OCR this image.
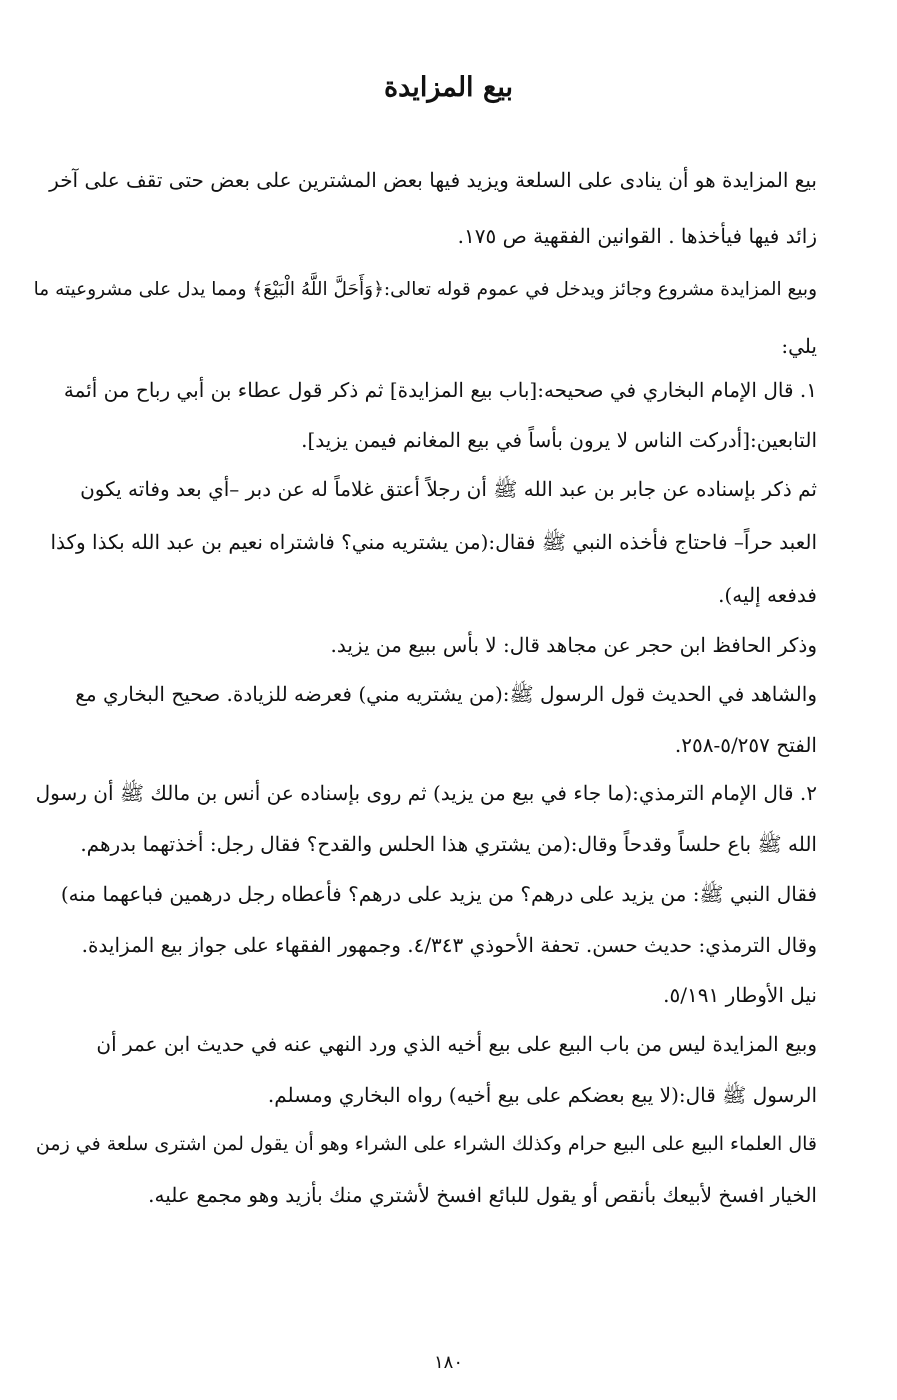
بيع المزايدة
بيع المزايدة هو أن ينادى على السلعة ويزيد فيها بعض المشترين على بعض حتى تقف على آخر
زائد فيها فيأخذها . القوانين الفقهية ص ١٧٥.
وبيع المزايدة مشروع وجائز ويدخل في عموم قوله تعالى:﴿وَأَحَلَّ اللَّهُ الْبَيْعَ﴾ ومما يدل على مشروعيته ما
يلي:
١. قال الإمام البخاري في صحيحه:[باب بيع المزايدة] ثم ذكر قول عطاء بن أبي رباح من أئمة
التابعين:[أدركت الناس لا يرون بأساً في بيع المغانم فيمن يزيد].
ثم ذكر بإسناده عن جابر بن عبد الله ﷺ أن رجلاً أعتق غلاماً له عن دبر –أي بعد وفاته يكون
العبد حراً– فاحتاج فأخذه النبي ﷺ فقال:(من يشتريه مني؟ فاشتراه نعيم بن عبد الله بكذا وكذا
فدفعه إليه).
وذكر الحافظ ابن حجر عن مجاهد قال: لا بأس ببيع من يزيد.
والشاهد في الحديث قول الرسول ﷺ:(من يشتريه مني) فعرضه للزيادة. صحيح البخاري مع
الفتح ٥/٢٥٧-٢٥٨.
٢. قال الإمام الترمذي:(ما جاء في بيع من يزيد) ثم روى بإسناده عن أنس بن مالك ﷺ أن رسول
الله ﷺ باع حلساً وقدحاً وقال:(من يشتري هذا الحلس والقدح؟ فقال رجل: أخذتهما بدرهم.
فقال النبي ﷺ: من يزيد على درهم؟ من يزيد على درهم؟ فأعطاه رجل درهمين فباعهما منه)
وقال الترمذي: حديث حسن. تحفة الأحوذي ٤/٣٤٣. وجمهور الفقهاء على جواز بيع المزايدة.
نيل الأوطار ٥/١٩١.
وبيع المزايدة ليس من باب البيع على بيع أخيه الذي ورد النهي عنه في حديث ابن عمر أن
الرسول ﷺ قال:(لا يبع بعضكم على بيع أخيه) رواه البخاري ومسلم.
قال العلماء البيع على البيع حرام وكذلك الشراء على الشراء وهو أن يقول لمن اشترى سلعة في زمن
الخيار افسخ لأبيعك بأنقص أو يقول للبائع افسخ لأشتري منك بأزيد وهو مجمع عليه.
١٨٠
